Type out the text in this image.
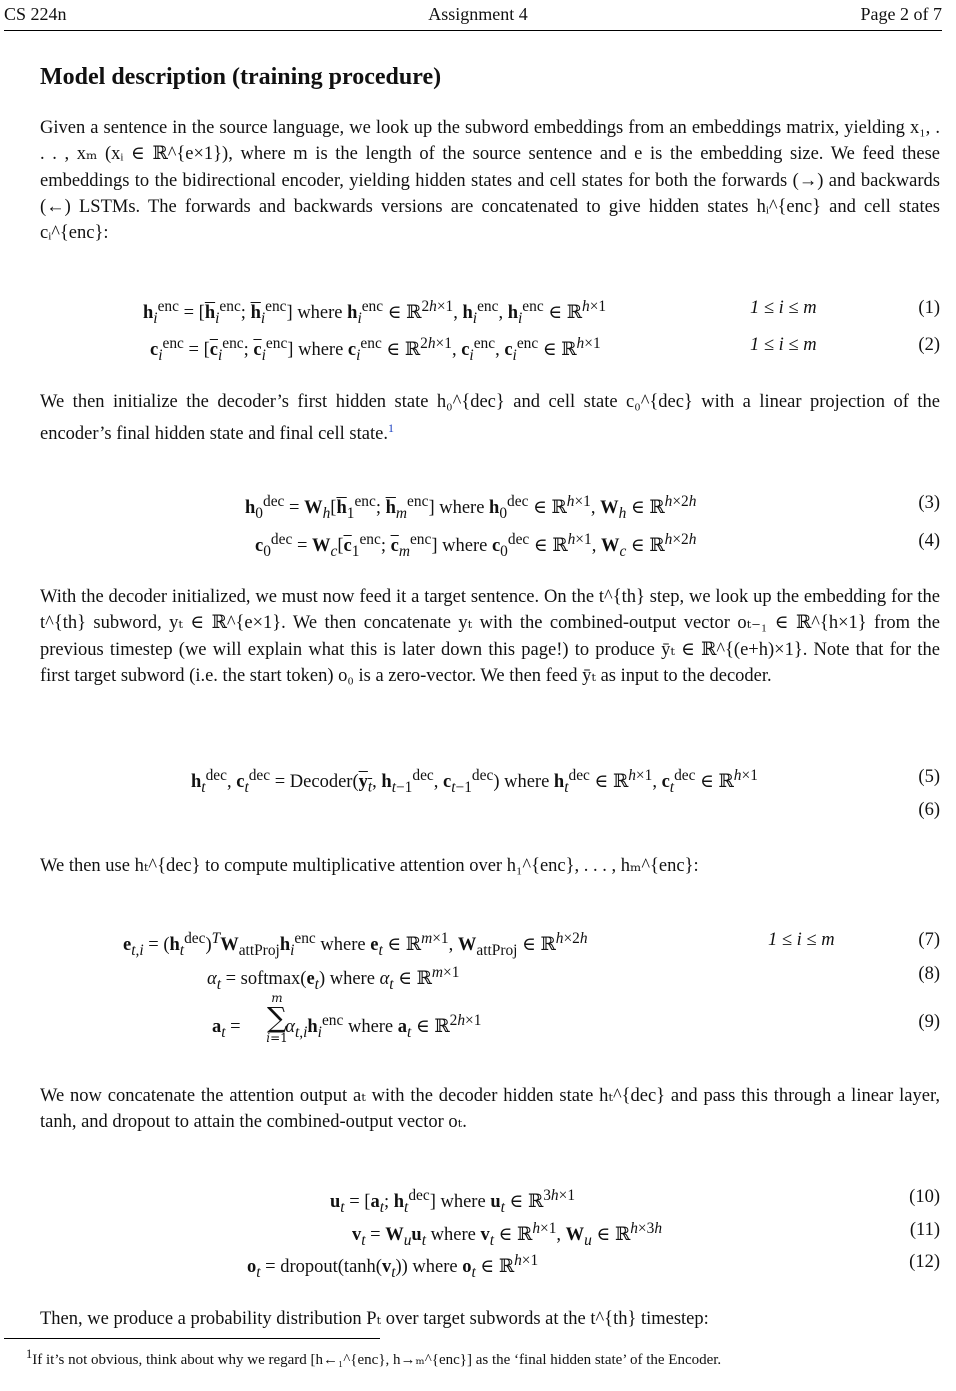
CS 224n	Assignment 4	Page 2 of 7
Model description (training procedure)
Given a sentence in the source language, we look up the subword embeddings from an embeddings matrix, yielding x₁, . . . , xₘ (xᵢ ∈ ℝ^{e×1}), where m is the length of the source sentence and e is the embedding size. We feed these embeddings to the bidirectional encoder, yielding hidden states and cell states for both the forwards (→) and backwards (←) LSTMs. The forwards and backwards versions are concatenated to give hidden states hᵢ^{enc} and cell states cᵢ^{enc}:
$h_i^{enc} = [\overline{h}_i^{enc}$; $\overline{h}_i^{enc}$] where $h_i^{enc}$ ∈ ℝ$^{2h\times 1}$, $h_i^{enc}$, $h_i^{enc}$ ∈ ℝ$^{h\times 1}$	1 ≤ i ≤ m	(1)
$c_i^{enc} = [\overline{c}_i^{enc}$; $\overline{c}_i^{enc}$] where $c_i^{enc}$ ∈ ℝ$^{2h\times 1}$, $c_i^{enc}$, $c_i^{enc}$ ∈ ℝ$^{h\times 1}$	1 ≤ i ≤ m	(2)
We then initialize the decoder’s first hidden state h₀^{dec} and cell state c₀^{dec} with a linear projection of the encoder’s final hidden state and final cell state.$^1$
$h_0^{dec} = W_h[\overline{h}_1^{enc}$; $\overline{h}_m^{enc}$] where $h_0^{dec}$ ∈ ℝ$^{h\times 1}$, $W_h$ ∈ ℝ$^{h\times 2h}$	(3)
$c_0^{dec} = W_c[\overline{c}_1^{enc}$; $\overline{c}_m^{enc}$] where $c_0^{dec}$ ∈ ℝ$^{h\times 1}$, $W_c$ ∈ ℝ$^{h\times 2h}$	(4)
With the decoder initialized, we must now feed it a target sentence. On the t^{th} step, we look up the embedding for the t^{th} subword, yₜ ∈ ℝ^{e×1}. We then concatenate yₜ with the combined-output vector oₜ₋₁ ∈ ℝ^{h×1} from the previous timestep (we will explain what this is later down this page!) to produce ȳₜ ∈ ℝ^{(e+h)×1}. Note that for the first target subword (i.e. the start token) o₀ is a zero-vector. We then feed ȳₜ as input to the decoder.
$h_t^{dec}$, $c_t^{dec}$ = $Decoder(y_t$, $h_{t-1}^{dec}$, $c_{t-1}^{dec}$) where $h_t^{dec}$ ∈ ℝ$^{h\times 1}$, $c_t^{dec}$ ∈ ℝ$^{h\times 1}$	(5)
(6)
We then use hₜ^{dec} to compute multiplicative attention over h₁^{enc}, . . . , hₘ^{enc}:
$e_{t,i} = (h_t^{dec})^TW_{attProj}h_i^{enc}$ where $e_t$ ∈ ℝ$^{m\times 1}$, $W_{attProj}$ ∈ ℝ$^{h\times 2h}$	1 ≤ i ≤ m	(7)
$\alpha_t$ = $softmax(e_t)$ where $\alpha_t$ ∈ ℝ$^{m\times 1}$	(8)
$a_t = \alpha_{t,i}h_i^{enc}$ where $a_t$ ∈ ℝ$^{2h\times 1}$	(9)
m
∑
i=1
We now concatenate the attention output aₜ with the decoder hidden state hₜ^{dec} and pass this through a linear layer, tanh, and dropout to attain the combined-output vector oₜ.
$u_t = [a_t$; $h_t^{dec}$] where $u_t$ ∈ ℝ$^{3h\times 1}$	(10)
$v_t = W_uu_t$ where $v_t$ ∈ ℝ$^{h\times 1}$, $W_u$ ∈ ℝ$^{h\times 3h}$	(11)
$o_t$ = $dropout(\tanh(v_t))$ where $o_t$ ∈ ℝ$^{h\times 1}$	(12)
Then, we produce a probability distribution Pₜ over target subwords at the t^{th} timestep:
$^1$If it’s not obvious, think about why we regard [h←₁^{enc}, h→ₘ^{enc}] as the ‘final hidden state’ of the Encoder.
